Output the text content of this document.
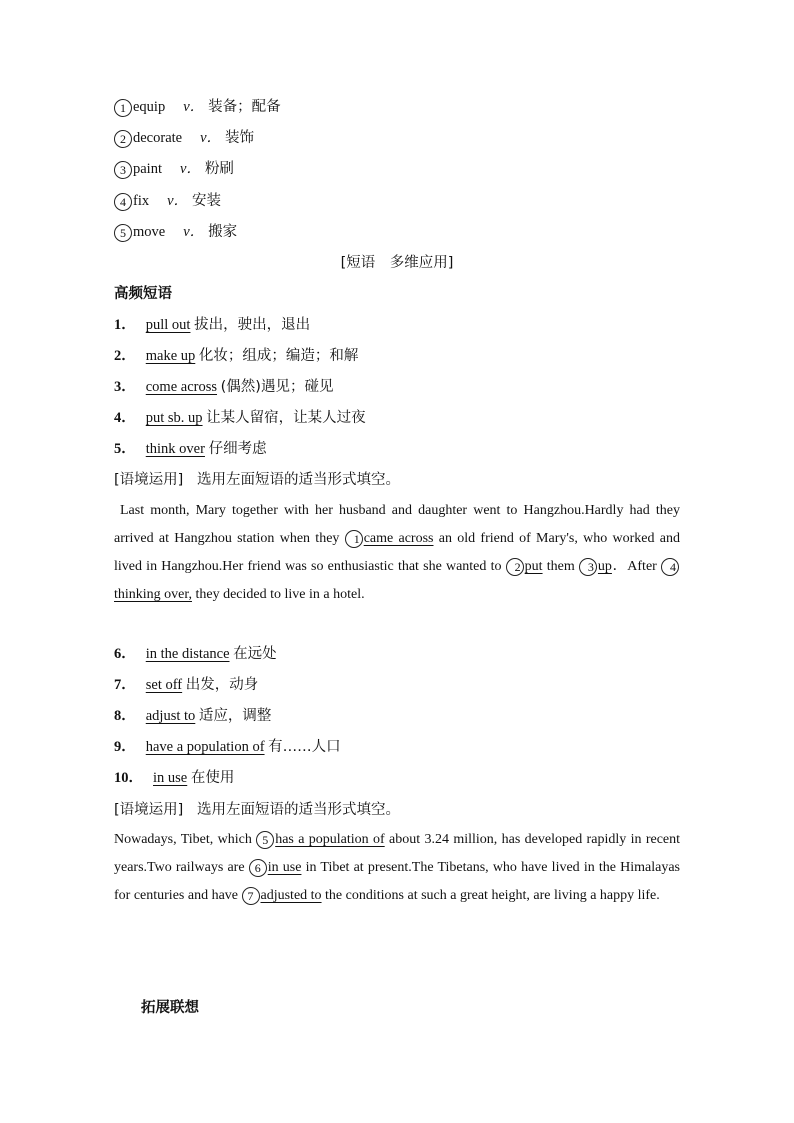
1 equip v． 装备；配备
2 decorate v． 装饰
3 paint v． 粉刷
4 fix v． 安装
5 move v． 搬家
[短语　多维应用]
高频短语
1． pull out 拔出，驶出，退出
2． make up 化妆；组成；编造；和解
3． come across (偶然)遇见；碰见
4． put sb. up 让某人留宿，让某人过夜
5． think over 仔细考虑
[语境运用] 选用左面短语的适当形式填空。
Last month, Mary together with her husband and daughter went to Hangzhou.Hardly had they arrived at Hangzhou station when they 1 came across an old friend of Mary's, who worked and lived in Hangzhou.Her friend was so enthusiastic that she wanted to 2 put them 3 up．After 4thinking over, they decided to live in a hotel.
6． in the distance 在远处
7． set off 出发，动身
8． adjust to 适应，调整
9． have a population of 有……人口
10． in use 在使用
[语境运用] 选用左面短语的适当形式填空。
Nowadays, Tibet, which 5 has a population of about 3.24 million, has developed rapidly in recent years.Two railways are 6 in use in Tibet at present.The Tibetans, who have lived in the Himalayas for centuries and have 7 adjusted to the conditions at such a great height, are living a happy life.
拓展联想
